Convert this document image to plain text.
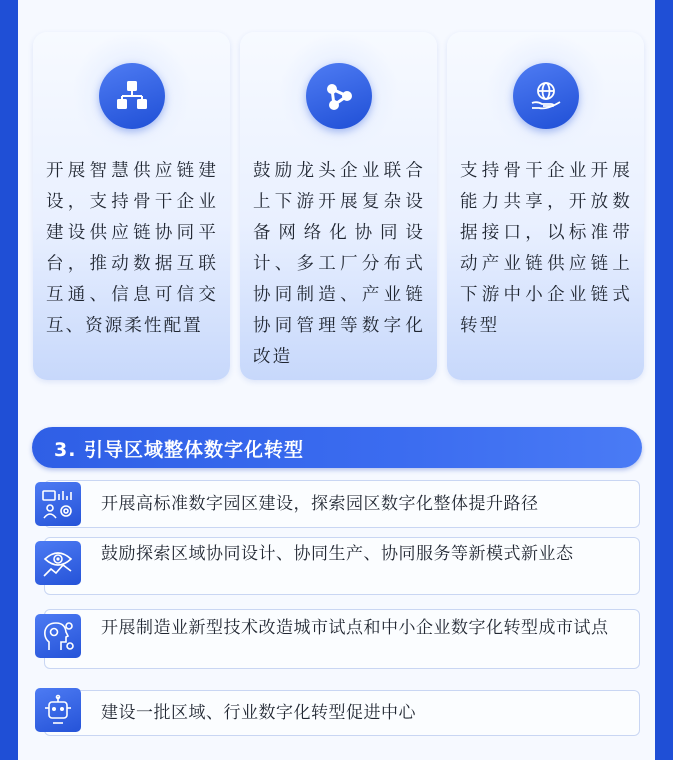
开展智慧供应链建设，支持骨干企业建设供应链协同平台，推动数据互联互通、信息可信交互、资源柔性配置
鼓励龙头企业联合上下游开展复杂设备网络化协同设计、多工厂分布式协同制造、产业链协同管理等数字化改造
支持骨干企业开展能力共享，开放数据接口，以标准带动产业链供应链上下游中小企业链式转型
3. 引导区域整体数字化转型
开展高标准数字园区建设，探索园区数字化整体提升路径
鼓励探索区域协同设计、协同生产、协同服务等新模式新业态
开展制造业新型技术改造城市试点和中小企业数字化转型成市试点
建设一批区域、行业数字化转型促进中心
